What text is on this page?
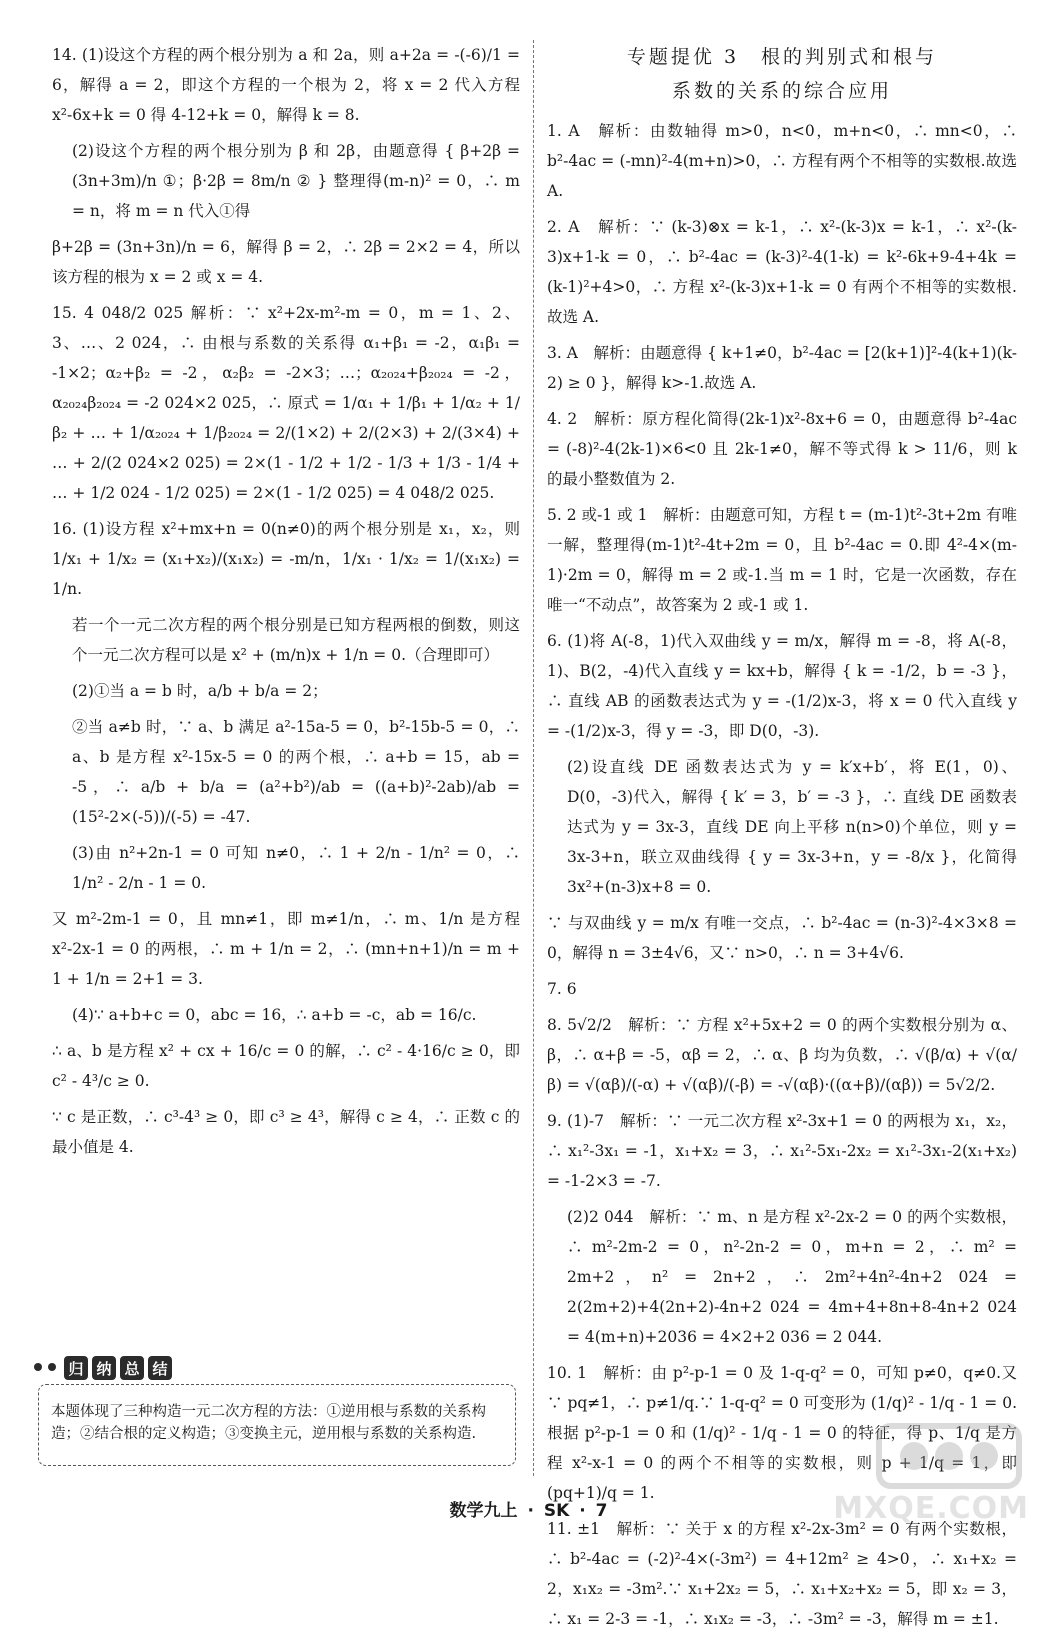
14. (1)设这个方程的两个根分别为 a 和 2a，则 a+2a = -(-6)/1 = 6，解得 a = 2，即这个方程的一个根为 2，将 x = 2 代入方程 x²-6x+k = 0 得 4-12+k = 0，解得 k = 8.

(2)设这个方程的两个根分别为 β 和 2β，由题意得 { β+2β = (3n+3m)/n ①；β·2β = 8m/n ② } 整理得(m-n)² = 0，∴ m = n，将 m = n 代入①得

β+2β = (3n+3n)/n = 6，解得 β = 2，∴ 2β = 2×2 = 4，所以该方程的根为 x = 2 或 x = 4.

15. 4 048/2 025 解析：∵ x²+2x-m²-m = 0，m = 1、2、3、…、2 024，∴ 由根与系数的关系得 α₁+β₁ = -2，α₁β₁ = -1×2；α₂+β₂ = -2，α₂β₂ = -2×3；…；α₂₀₂₄+β₂₀₂₄ = -2，α₂₀₂₄β₂₀₂₄ = -2 024×2 025，∴ 原式 = 1/α₁ + 1/β₁ + 1/α₂ + 1/β₂ + … + 1/α₂₀₂₄ + 1/β₂₀₂₄ = 2/(1×2) + 2/(2×3) + 2/(3×4) + … + 2/(2 024×2 025) = 2×(1 - 1/2 + 1/2 - 1/3 + 1/3 - 1/4 + … + 1/2 024 - 1/2 025) = 2×(1 - 1/2 025) = 4 048/2 025.

16. (1)设方程 x²+mx+n = 0(n≠0)的两个根分别是 x₁，x₂，则 1/x₁ + 1/x₂ = (x₁+x₂)/(x₁x₂) = -m/n，1/x₁ · 1/x₂ = 1/(x₁x₂) = 1/n.

若一个一元二次方程的两个根分别是已知方程两根的倒数，则这个一元二次方程可以是 x² + (m/n)x + 1/n = 0.（合理即可）

(2)①当 a = b 时，a/b + b/a = 2；

②当 a≠b 时，∵ a、b 满足 a²-15a-5 = 0，b²-15b-5 = 0，∴ a、b 是方程 x²-15x-5 = 0 的两个根，∴ a+b = 15，ab = -5，∴ a/b + b/a = (a²+b²)/ab = ((a+b)²-2ab)/ab = (15²-2×(-5))/(-5) = -47.

(3)由 n²+2n-1 = 0 可知 n≠0，∴ 1 + 2/n - 1/n² = 0，∴ 1/n² - 2/n - 1 = 0.

又 m²-2m-1 = 0，且 mn≠1，即 m≠1/n，∴ m、1/n 是方程 x²-2x-1 = 0 的两根，∴ m + 1/n = 2，∴ (mn+n+1)/n = m + 1 + 1/n = 2+1 = 3.

(4)∵ a+b+c = 0，abc = 16，∴ a+b = -c，ab = 16/c.

∴ a、b 是方程 x² + cx + 16/c = 0 的解，∴ c² - 4·16/c ≥ 0，即 c² - 4³/c ≥ 0.

∵ c 是正数，∴ c³-4³ ≥ 0，即 c³ ≥ 4³，解得 c ≥ 4，∴ 正数 c 的最小值是 4.

归 纳 总 结
本题体现了三种构造一元二次方程的方法：①逆用根与系数的关系构造；②结合根的定义构造；③变换主元，逆用根与系数的关系构造.

专题提优 3　根的判别式和根与

系数的关系的综合应用

1. A　解析：由数轴得 m>0，n<0，m+n<0，∴ mn<0，∴ b²-4ac = (-mn)²-4(m+n)>0，∴ 方程有两个不相等的实数根.故选 A.

2. A　解析：∵ (k-3)⊗x = k-1，∴ x²-(k-3)x = k-1，∴ x²-(k-3)x+1-k = 0，∴ b²-4ac = (k-3)²-4(1-k) = k²-6k+9-4+4k = (k-1)²+4>0，∴ 方程 x²-(k-3)x+1-k = 0 有两个不相等的实数根.故选 A.

3. A　解析：由题意得 { k+1≠0，b²-4ac = [2(k+1)]²-4(k+1)(k-2) ≥ 0 }，解得 k>-1.故选 A.

4. 2　解析：原方程化简得(2k-1)x²-8x+6 = 0，由题意得 b²-4ac = (-8)²-4(2k-1)×6<0 且 2k-1≠0，解不等式得 k > 11/6，则 k 的最小整数值为 2.

5. 2 或-1 或 1　解析：由题意可知，方程 t = (m-1)t²-3t+2m 有唯一解，整理得(m-1)t²-4t+2m = 0，且 b²-4ac = 0.即 4²-4×(m-1)·2m = 0，解得 m = 2 或-1.当 m = 1 时，它是一次函数，存在唯一“不动点”，故答案为 2 或-1 或 1.

6. (1)将 A(-8，1)代入双曲线 y = m/x，解得 m = -8，将 A(-8，1)、B(2，-4)代入直线 y = kx+b，解得 { k = -1/2，b = -3 }，∴ 直线 AB 的函数表达式为 y = -(1/2)x-3，将 x = 0 代入直线 y = -(1/2)x-3，得 y = -3，即 D(0，-3).

(2)设直线 DE 函数表达式为 y = k′x+b′，将 E(1，0)、D(0，-3)代入，解得 { k′ = 3，b′ = -3 }，∴ 直线 DE 函数表达式为 y = 3x-3，直线 DE 向上平移 n(n>0)个单位，则 y = 3x-3+n，联立双曲线得 { y = 3x-3+n，y = -8/x }，化简得 3x²+(n-3)x+8 = 0.

∵ 与双曲线 y = m/x 有唯一交点，∴ b²-4ac = (n-3)²-4×3×8 = 0，解得 n = 3±4√6，又∵ n>0，∴ n = 3+4√6.

7. 6

8. 5√2/2　解析：∵ 方程 x²+5x+2 = 0 的两个实数根分别为 α、β，∴ α+β = -5，αβ = 2，∴ α、β 均为负数，∴ √(β/α) + √(α/β) = √(αβ)/(-α) + √(αβ)/(-β) = -√(αβ)·((α+β)/(αβ)) = 5√2/2.

9. (1)-7　解析：∵ 一元二次方程 x²-3x+1 = 0 的两根为 x₁，x₂，∴ x₁²-3x₁ = -1，x₁+x₂ = 3，∴ x₁²-5x₁-2x₂ = x₁²-3x₁-2(x₁+x₂) = -1-2×3 = -7.

(2)2 044　解析：∵ m、n 是方程 x²-2x-2 = 0 的两个实数根，∴ m²-2m-2 = 0，n²-2n-2 = 0，m+n = 2，∴ m² = 2m+2，n² = 2n+2，∴ 2m²+4n²-4n+2 024 = 2(2m+2)+4(2n+2)-4n+2 024 = 4m+4+8n+8-4n+2 024 = 4(m+n)+2036 = 4×2+2 036 = 2 044.

10. 1　解析：由 p²-p-1 = 0 及 1-q-q² = 0，可知 p≠0，q≠0.又∵ pq≠1，∴ p≠1/q.∵ 1-q-q² = 0 可变形为 (1/q)² - 1/q - 1 = 0.根据 p²-p-1 = 0 和 (1/q)² - 1/q - 1 = 0 的特征，得 p、1/q 是方程 x²-x-1 = 0 的两个不相等的实数根，则 p + 1/q = 1，即 (pq+1)/q = 1.

11. ±1　解析：∵ 关于 x 的方程 x²-2x-3m² = 0 有两个实数根，∴ b²-4ac = (-2)²-4×(-3m²) = 4+12m² ≥ 4>0，∴ x₁+x₂ = 2，x₁x₂ = -3m².∵ x₁+2x₂ = 5，∴ x₁+x₂+x₂ = 5，即 x₂ = 3，∴ x₁ = 2-3 = -1，∴ x₁x₂ = -3，∴ -3m² = -3，解得 m = ±1.

数学九上 · SK · 7	MXQE.COM
